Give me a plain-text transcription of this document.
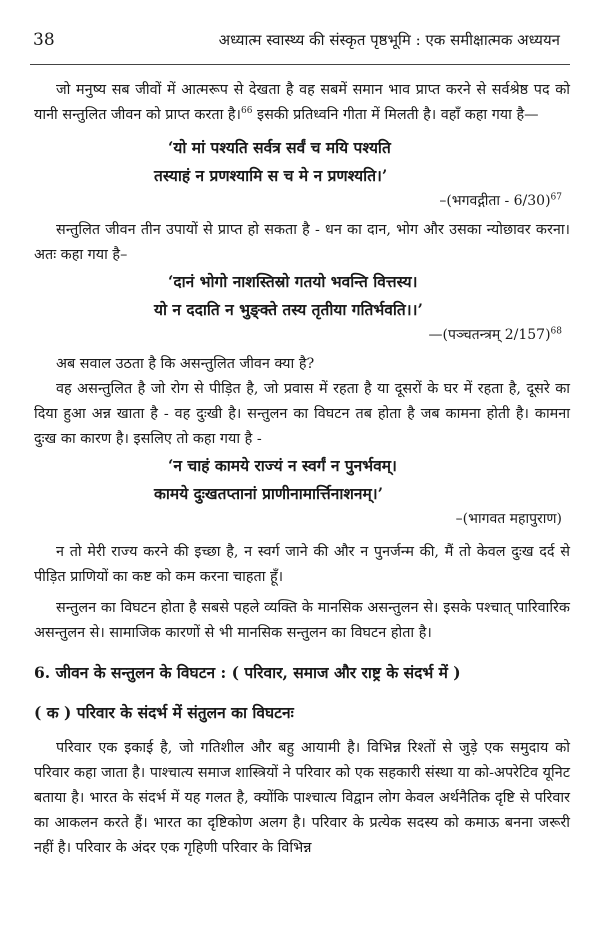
38	अध्यात्म स्वास्थ्य की संस्कृत पृष्ठभूमि : एक समीक्षात्मक अध्ययन

जो मनुष्य सब जीवों में आत्मरूप से देखता है वह सबमें समान भाव प्राप्त करने से सर्वश्रेष्ठ पद को यानी सन्तुलित जीवन को प्राप्त करता है।$^{66}$ इसकी प्रतिध्वनि गीता में मिलती है। वहाँ कहा गया है—

‘यो मां पश्यति सर्वत्र सर्वं च मयि पश्यति

तस्याहं न प्रणश्यामि स च मे न प्रणश्यति।’

–(भगवद्गीता - 6/30)$^{67}$

सन्तुलित जीवन तीन उपायों से प्राप्त हो सकता है - धन का दान, भोग और उसका न्योछावर करना। अतः कहा गया है–

‘दानं भोगो नाशस्तिस्रो गतयो भवन्ति वित्तस्य।

यो न ददाति न भुङ्क्ते तस्य तृतीया गतिर्भवति।।’

—(पञ्चतन्त्रम् 2/157)$^{68}$

अब सवाल उठता है कि असन्तुलित जीवन क्या है?

वह असन्तुलित है जो रोग से पीड़ित है, जो प्रवास में रहता है या दूसरों के घर में रहता है, दूसरे का दिया हुआ अन्न खाता है - वह दुःखी है। सन्तुलन का विघटन तब होता है जब कामना होती है। कामना दुःख का कारण है। इसलिए तो कहा गया है -

‘न चाहं कामये राज्यं न स्वर्गं न पुनर्भवम्।

कामये दुःखतप्तानां प्राणीनामार्त्तिनाशनम्।’

–(भागवत महापुराण)

न तो मेरी राज्य करने की इच्छा है, न स्वर्ग जाने की और न पुनर्जन्म की, मैं तो केवल दुःख दर्द से पीड़ित प्राणियों का कष्ट को कम करना चाहता हूँ।

सन्तुलन का विघटन होता है सबसे पहले व्यक्ति के मानसिक असन्तुलन से। इसके पश्चात् पारिवारिक असन्तुलन से। सामाजिक कारणों से भी मानसिक सन्तुलन का विघटन होता है।

6. जीवन के सन्तुलन के विघटन : ( परिवार, समाज और राष्ट्र के संदर्भ में )

( क ) परिवार के संदर्भ में संतुलन का विघटनः

परिवार एक इकाई है, जो गतिशील और बहु आयामी है। विभिन्न रिश्तों से जुड़े एक समुदाय को परिवार कहा जाता है। पाश्चात्य समाज शास्त्रियों ने परिवार को एक सहकारी संस्था या को-अपरेटिव यूनिट बताया है। भारत के संदर्भ में यह गलत है, क्योंकि पाश्चात्य विद्वान लोग केवल अर्थनैतिक दृष्टि से परिवार का आकलन करते हैं। भारत का दृष्टिकोण अलग है। परिवार के प्रत्येक सदस्य को कमाऊ बनना जरूरी नहीं है। परिवार के अंदर एक गृहिणी परिवार के विभिन्न
